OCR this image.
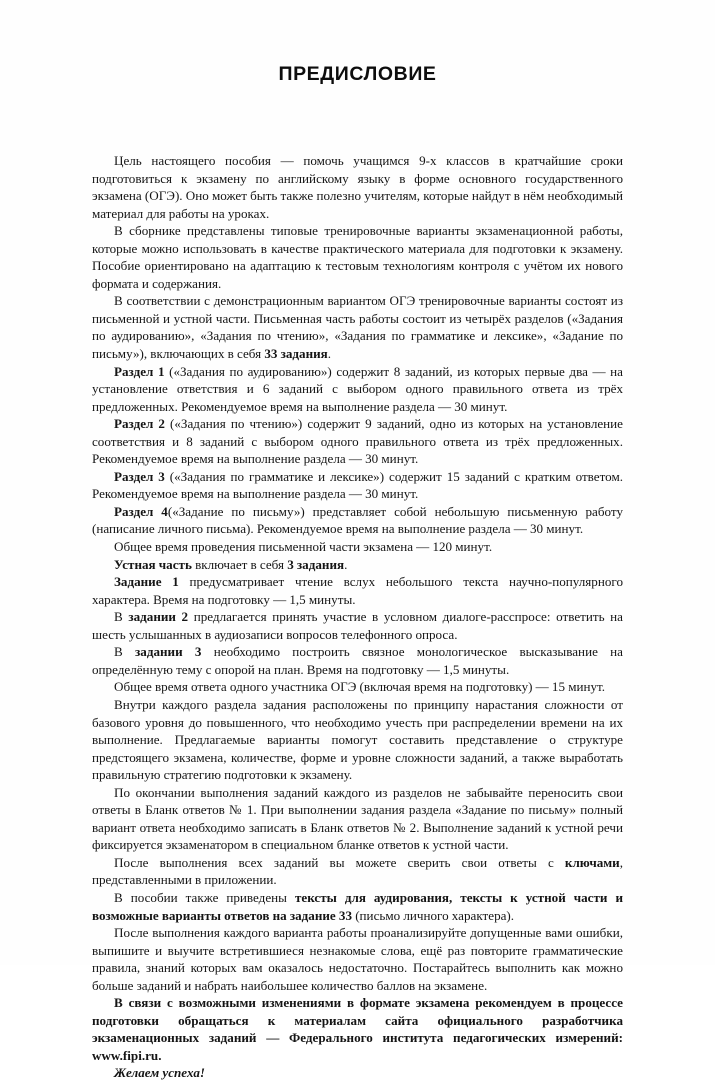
ПРЕДИСЛОВИЕ

Цель настоящего пособия — помочь учащимся 9-х классов в кратчайшие сроки подготовиться к экзамену по английскому языку в форме основного государственного экзамена (ОГЭ). Оно может быть также полезно учителям, которые найдут в нём необходимый материал для работы на уроках.

В сборнике представлены типовые тренировочные варианты экзаменационной работы, которые можно использовать в качестве практического материала для подготовки к экзамену. Пособие ориентировано на адаптацию к тестовым технологиям контроля с учётом их нового формата и содержания.

В соответствии с демонстрационным вариантом ОГЭ тренировочные варианты состоят из письменной и устной части. Письменная часть работы состоит из четырёх разделов («Задания по аудированию», «Задания по чтению», «Задания по грамматике и лексике», «Задание по письму»), включающих в себя 33 задания.

Раздел 1 («Задания по аудированию») содержит 8 заданий, из которых первые два — на установление ответствия и 6 заданий с выбором одного правильного ответа из трёх предложенных. Рекомендуемое время на выполнение раздела — 30 минут.

Раздел 2 («Задания по чтению») содержит 9 заданий, одно из которых на установление соответствия и 8 заданий с выбором одного правильного ответа из трёх предложенных. Рекомендуемое время на выполнение раздела — 30 минут.

Раздел 3 («Задания по грамматике и лексике») содержит 15 заданий с кратким ответом. Рекомендуемое время на выполнение раздела — 30 минут.

Раздел 4(«Задание по письму») представляет собой небольшую письменную работу (написание личного письма). Рекомендуемое время на выполнение раздела — 30 минут.

Общее время проведения письменной части экзамена — 120 минут.

Устная часть включает в себя 3 задания.

Задание 1 предусматривает чтение вслух небольшого текста научно-популярного характера. Время на подготовку — 1,5 минуты.

В задании 2 предлагается принять участие в условном диалоге-расспросе: ответить на шесть услышанных в аудиозаписи вопросов телефонного опроса.

В задании 3 необходимо построить связное монологическое высказывание на определённую тему с опорой на план. Время на подготовку — 1,5 минуты.

Общее время ответа одного участника ОГЭ (включая время на подготовку) — 15 минут.

Внутри каждого раздела задания расположены по принципу нарастания сложности от базового уровня до повышенного, что необходимо учесть при распределении времени на их выполнение. Предлагаемые варианты помогут составить представление о структуре предстоящего экзамена, количестве, форме и уровне сложности заданий, а также выработать правильную стратегию подготовки к экзамену.

По окончании выполнения заданий каждого из разделов не забывайте переносить свои ответы в Бланк ответов № 1. При выполнении задания раздела «Задание по письму» полный вариант ответа необходимо записать в Бланк ответов № 2. Выполнение заданий к устной речи фиксируется экзаменатором в специальном бланке ответов к устной части.

После выполнения всех заданий вы можете сверить свои ответы с ключами, представленными в приложении.

В пособии также приведены тексты для аудирования, тексты к устной части и возможные варианты ответов на задание 33 (письмо личного характера).

После выполнения каждого варианта работы проанализируйте допущенные вами ошибки, выпишите и выучите встретившиеся незнакомые слова, ещё раз повторите грамматические правила, знаний которых вам оказалось недостаточно. Постарайтесь выполнить как можно больше заданий и набрать наибольшее количество баллов на экзамене.

В связи с возможными изменениями в формате экзамена рекомендуем в процессе подготовки обращаться к материалам сайта официального разработчика экзаменационных заданий — Федерального института педагогических измерений: www.fipi.ru.

Желаем успеха!
